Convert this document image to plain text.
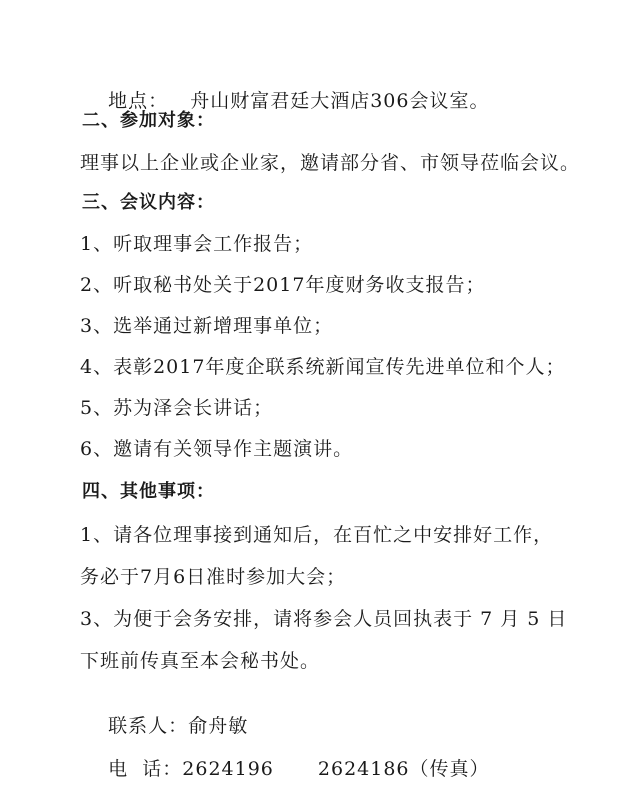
地点： 舟山财富君廷大酒店306会议室。

二、参加对象：
理事以上企业或企业家，邀请部分省、市领导莅临会议。
三、会议内容：
1、听取理事会工作报告；
2、听取秘书处关于2017年度财务收支报告；
3、选举通过新增理事单位；
4、表彰2017年度企联系统新闻宣传先进单位和个人；
5、苏为泽会长讲话；
6、邀请有关领导作主题演讲。
四、其他事项：
1、请各位理事接到通知后，在百忙之中安排好工作，
务必于7月6日准时参加大会；
3、为便于会务安排，请将参会人员回执表于 7 月 5 日
下班前传真至本会秘书处。

联系人：俞舟敏

电  话：2624196 2624186（传真）
